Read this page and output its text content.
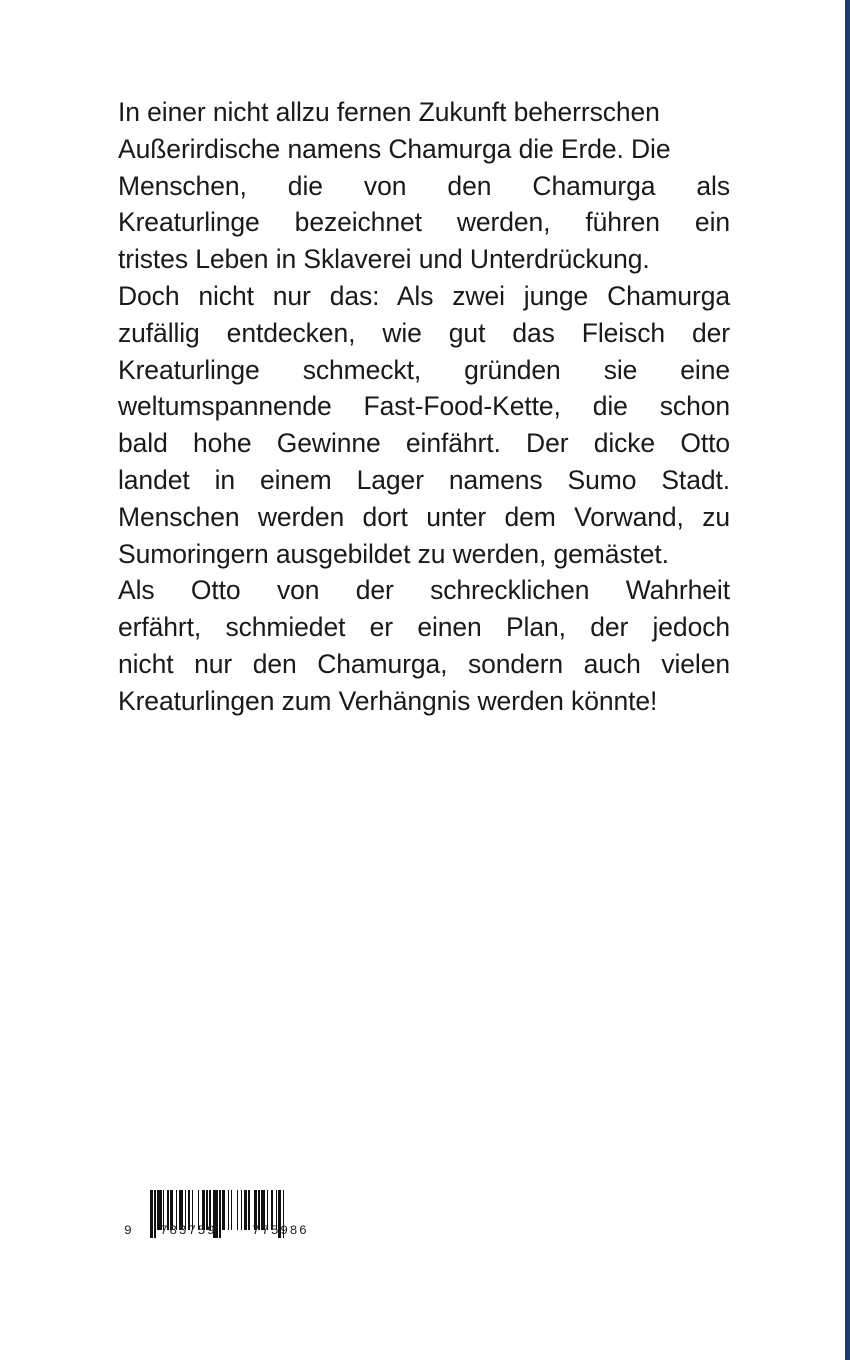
In einer nicht allzu fernen Zukunft beherrschen
Außerirdische namens Chamurga die Erde. Die
Menschen, die von den Chamurga als
Kreaturlinge bezeichnet werden, führen ein
tristes Leben in Sklaverei und Unterdrückung.
Doch nicht nur das: Als zwei junge Chamurga
zufällig entdecken, wie gut das Fleisch der
Kreaturlinge schmeckt, gründen sie eine
weltumspannende Fast-Food-Kette, die schon
bald hohe Gewinne einfährt. Der dicke Otto
landet in einem Lager namens Sumo Stadt.
Menschen werden dort unter dem Vorwand, zu
Sumoringern ausgebildet zu werden, gemästet.
Als Otto von der schrecklichen Wahrheit
erfährt, schmiedet er einen Plan, der jedoch
nicht nur den Chamurga, sondern auch vielen
Kreaturlingen zum Verhängnis werden könnte!
9 783759	775986
